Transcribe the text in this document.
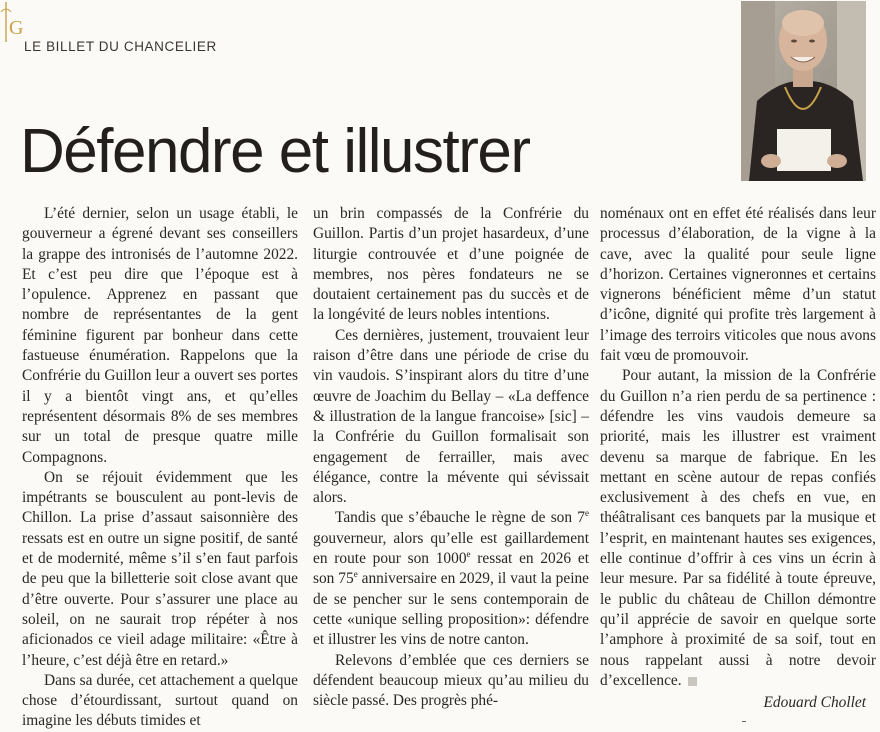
G
LE BILLET DU CHANCELIER
Défendre et illustrer

L’été dernier, selon un usage établi, le gouverneur a égrené devant ses conseillers la grappe des intronisés de l’automne 2022. Et c’est peu dire que l’époque est à l’opulence. Apprenez en passant que nombre de représentantes de la gent féminine figurent par bonheur dans cette fastueuse énumération. Rappelons que la Confrérie du Guillon leur a ouvert ses portes il y a bientôt vingt ans, et qu’elles représentent désormais 8% de ses membres sur un total de presque quatre mille Compagnons.

On se réjouit évidemment que les impétrants se bousculent au pont-levis de Chillon. La prise d’assaut saisonnière des ressats est en outre un signe positif, de santé et de modernité, même s’il s’en faut parfois de peu que la billetterie soit close avant que d’être ouverte. Pour s’assurer une place au soleil, on ne saurait trop répéter à nos aficionados ce vieil adage militaire: «Être à l’heure, c’est déjà être en retard.»

Dans sa durée, cet attachement a quelque chose d’étourdissant, surtout quand on imagine les débuts timides et

un brin compassés de la Confrérie du Guillon. Partis d’un projet hasardeux, d’une liturgie controuvée et d’une poignée de membres, nos pères fondateurs ne se doutaient certainement pas du succès et de la longévité de leurs nobles intentions.

Ces dernières, justement, trouvaient leur raison d’être dans une période de crise du vin vaudois. S’inspirant alors du titre d’une œuvre de Joachim du Bellay – «La deffence & illustration de la langue francoise» [sic] – la Confrérie du Guillon formalisait son engagement de ferrailler, mais avec élégance, contre la mévente qui sévissait alors.

Tandis que s’ébauche le règne de son 7e gouverneur, alors qu’elle est gaillardement en route pour son 1000e ressat en 2026 et son 75e anniversaire en 2029, il vaut la peine de se pencher sur le sens contemporain de cette «unique selling proposition»: défendre et illustrer les vins de notre canton.

Relevons d’emblée que ces derniers se défendent beaucoup mieux qu’au milieu du siècle passé. Des progrès phé-

noménaux ont en effet été réalisés dans leur processus d’élaboration, de la vigne à la cave, avec la qualité pour seule ligne d’horizon. Certaines vigneronnes et certains vignerons bénéficient même d’un statut d’icône, dignité qui profite très largement à l’image des terroirs viticoles que nous avons fait vœu de promouvoir.

Pour autant, la mission de la Confrérie du Guillon n’a rien perdu de sa pertinence : défendre les vins vaudois demeure sa priorité, mais les illustrer est vraiment devenu sa marque de fabrique. En les mettant en scène autour de repas confiés exclusivement à des chefs en vue, en théâtralisant ces banquets par la musique et l’esprit, en maintenant hautes ses exigences, elle continue d’offrir à ces vins un écrin à leur mesure. Par sa fidélité à toute épreuve, le public du château de Chillon démontre qu’il apprécie de savoir en quelque sorte l’amphore à proximité de sa soif, tout en nous rappelant aussi à notre devoir d’excellence.

Edouard Chollet
